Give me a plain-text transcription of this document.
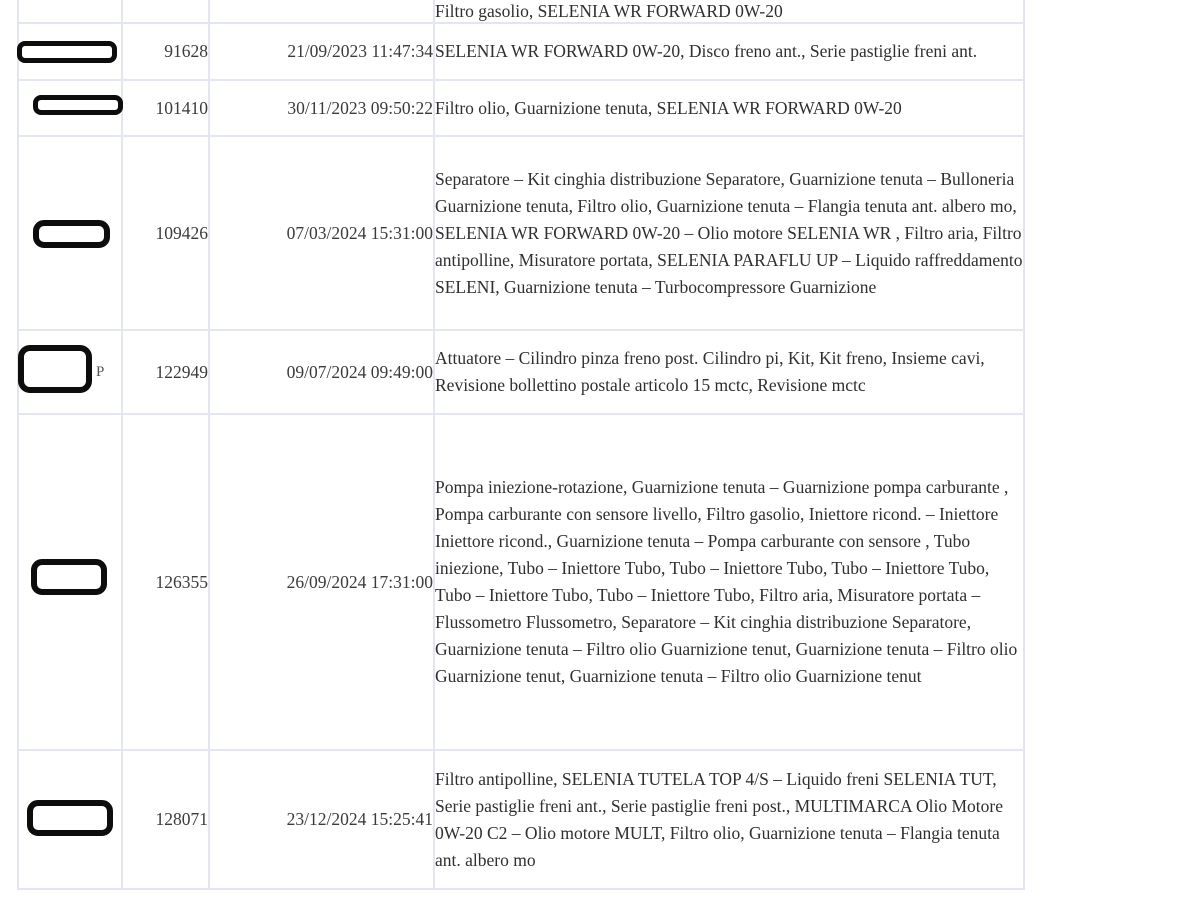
			Filtro gasolio, SELENIA WR FORWARD 0W-20

	91628	21/09/2023 11:47:34	SELENIA WR FORWARD 0W-20, Disco freno ant., Serie pastiglie freni ant.

	101410	30/11/2023 09:50:22	Filtro olio, Guarnizione tenuta, SELENIA WR FORWARD 0W-20

	109426	07/03/2024 15:31:00	Separatore – Kit cinghia distribuzione Separatore, Guarnizione tenuta – Bulloneria Guarnizione tenuta, Filtro olio, Guarnizione tenuta – Flangia tenuta ant. albero mo, SELENIA WR FORWARD 0W-20 – Olio motore SELENIA WR , Filtro aria, Filtro antipolline, Misuratore portata, SELENIA PARAFLU UP – Liquido raffreddamento SELENI, Guarnizione tenuta – Turbocompressore Guarnizione

P	122949	09/07/2024 09:49:00	Attuatore – Cilindro pinza freno post. Cilindro pi, Kit, Kit freno, Insieme cavi, Revisione bollettino postale articolo 15 mctc, Revisione mctc

	126355	26/09/2024 17:31:00	Pompa iniezione-rotazione, Guarnizione tenuta – Guarnizione pompa carburante , Pompa carburante con sensore livello, Filtro gasolio, Iniettore ricond. – Iniettore Iniettore ricond., Guarnizione tenuta – Pompa carburante con sensore , Tubo iniezione, Tubo – Iniettore Tubo, Tubo – Iniettore Tubo, Tubo – Iniettore Tubo, Tubo – Iniettore Tubo, Tubo – Iniettore Tubo, Filtro aria, Misuratore portata – Flussometro Flussometro, Separatore – Kit cinghia distribuzione Separatore, Guarnizione tenuta – Filtro olio Guarnizione tenut, Guarnizione tenuta – Filtro olio Guarnizione tenut, Guarnizione tenuta – Filtro olio Guarnizione tenut

	128071	23/12/2024 15:25:41	Filtro antipolline, SELENIA TUTELA TOP 4/S – Liquido freni SELENIA TUT, Serie pastiglie freni ant., Serie pastiglie freni post., MULTIMARCA Olio Motore 0W-20 C2 – Olio motore MULT, Filtro olio, Guarnizione tenuta – Flangia tenuta ant. albero mo
